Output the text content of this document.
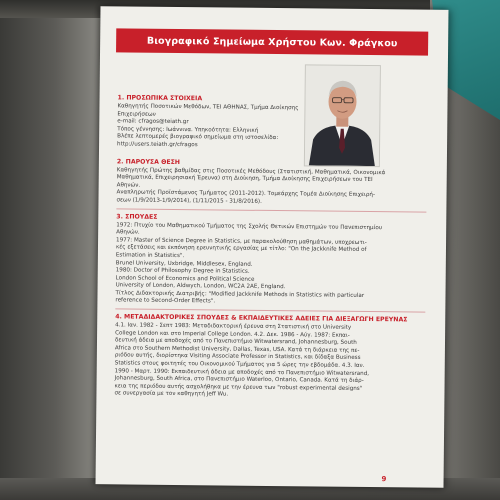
Βιογραφικό Σημείωμα Χρήστου Κων. Φράγκου
1. ΠΡΟΣΩΠΙΚΑ ΣΤΟΙΧΕΙΑ
Καθηγητής Ποσοτικών Μεθόδων, ΤΕΙ ΑΘΗΝΑΣ, Τμήμα Διοίκησης
Επιχειρήσεων
e-mail: cfragos@teiath.gr
Τόπος γέννησης: Ιωάννινα. Υπηκοότητα: Ελληνική
Βλέπε λεπτομερές βιογραφικό σημείωμα στη ιστοσελίδα:
http://users.teiath.gr/cfragos
2. ΠΑΡΟΥΣΑ ΘΕΣΗ
Καθηγητής Πρώτης βαθμίδας στις Ποσοτικές Μεθόδους (Στατιστική, Μαθηματικά, Οικονομικά
Μαθηματικά, Επιχειρησιακή Έρευνα) στη Διοίκηση, Τμήμα Διοίκησης Επιχειρήσεων του ΤΕΙ
Αθηνών.
Αναπληρωτής Προϊστάμενος Τμήματος (2011-2012). Τομεάρχης Τομέα Διοίκησης Επιχειρή-
σεων (1/9/2013-1/9/2014), (1/11/2015 - 31/8/2016).
3. ΣΠΟΥΔΕΣ
1972: Πτυχίο του Μαθηματικού Τμήματος της Σχολής Θετικών Επιστημών του Πανεπιστημίου
Αθηνών.
1977: Master of Science Degree in Statistics, με παρακολούθηση μαθημάτων, υποχρεωτι-
κές εξετάσεις και εκπόνηση ερευνητικής εργασίας με τίτλο: "On the Jackknife Method of
Estimation in Statistics".
Brunel University, Uxbridge, Middlesex, England.
1980: Doctor of Philosophy Degree in Statistics.
London School of Economics and Political Science
University of London, Aldwych, London, WC2A 2AE, England.
Τίτλος Διδακτορικής Διατριβής: "Modified Jackknife Methods in Statistics with particular
reference to Second-Order Effects".
4. ΜΕΤΑΔΙΔΑΚΤΟΡΙΚΕΣ ΣΠΟΥΔΕΣ & ΕΚΠΑΙΔΕΥΤΙΚΕΣ ΑΔΕΙΕΣ ΓΙΑ ΔΙΕΞΑΓΩΓΗ ΕΡΕΥΝΑΣ
4.1. Ιαν. 1982 - Σεπτ 1983: Μεταδιδακτορική έρευνα στη Στατιστική στο University
College London και στο Imperial College London. 4.2. Δεκ. 1986 - Αύγ. 1987: Εκπαι-
δευτική άδεια με αποδοχές από το Πανεπιστήμιο Witwatersrand, Johannesburg, South
Africa στο Southern Methodist University, Dallas, Texas, USA. Κατά τη διάρκεια της πε-
ριόδου αυτής, διορίστηκα Visiting Associate Professor in Statistics, και δίδαξα Business
Statistics στους φοιτητές του Οικονομικού Τμήματος για 5 ώρες την εβδομάδα. 4.3. Ιαν.
1990 - Μαρτ. 1990: Εκπαιδευτική άδεια με αποδοχές από το Πανεπιστήμιο Witwatersrand,
Johannesburg, South Africa, στο Πανεπιστήμιο Waterloo, Ontario, Canada. Κατά τη διάρ-
κεια της περιόδου αυτής ασχολήθηκα με την έρευνα των "robust experimental designs"
σε συνεργασία με τον καθηγητή Jeff Wu.
9
